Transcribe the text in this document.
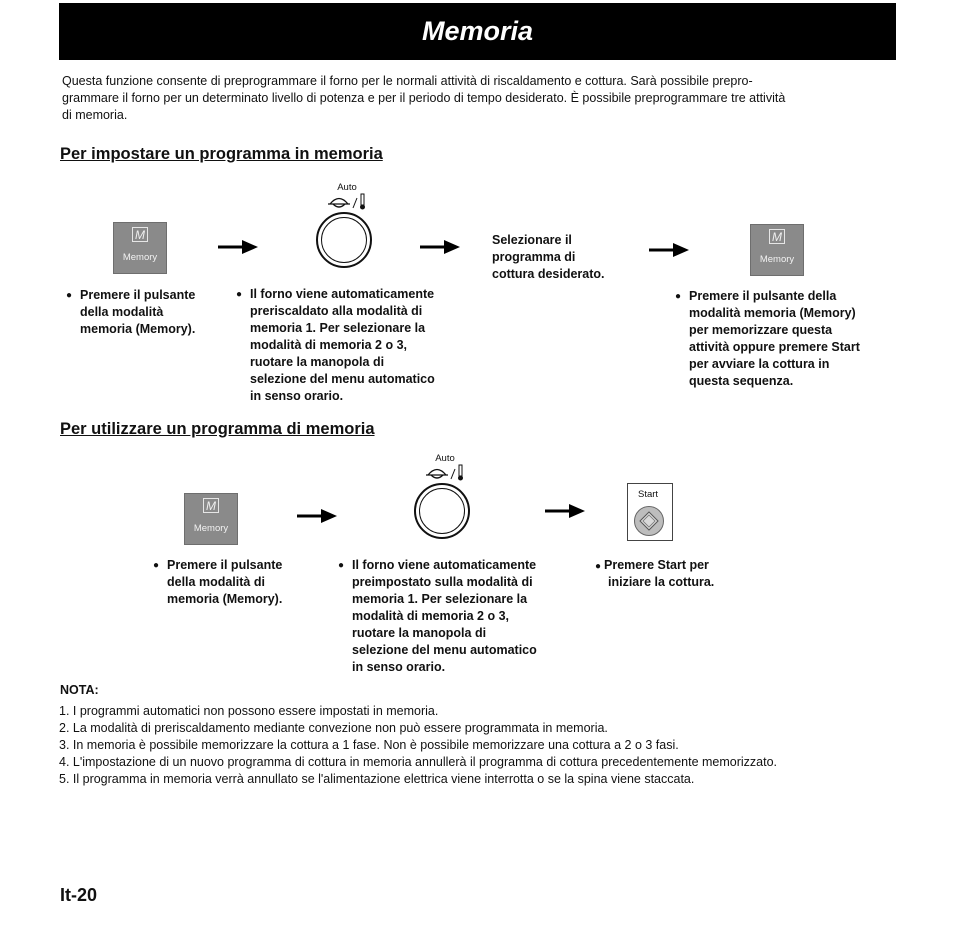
Memoria
Questa funzione consente di preprogrammare il forno per le normali attività di riscaldamento e cottura. Sarà possibile prepro-
grammare il forno per un determinato livello di potenza e per il periodo di tempo desiderato. È possibile preprogrammare tre attività
di memoria.
Per impostare un programma in memoria
M
Memory
Auto
Selezionare il
programma di
cottura desiderato.
M
Memory
● Premere il pulsante
della modalità
memoria (Memory).
● Il forno viene automaticamente
preriscaldato alla modalità di
memoria 1. Per selezionare la
modalità di memoria 2 o 3,
ruotare la manopola di
selezione del menu automatico
in senso orario.
● Premere il pulsante della
modalità memoria (Memory)
per memorizzare questa
attività oppure premere Start
per avviare la cottura in
questa sequenza.
Per utilizzare un programma di memoria
M
Memory
Auto
Start
● Premere il pulsante
della modalità di
memoria (Memory).
● Il forno viene automaticamente
preimpostato sulla modalità di
memoria 1. Per selezionare la
modalità di memoria 2 o 3,
ruotare la manopola di
selezione del menu automatico
in senso orario.
● Premere Start per
iniziare la cottura.
NOTA:
1. I programmi automatici non possono essere impostati in memoria.
2. La modalità di preriscaldamento mediante convezione non può essere programmata in memoria.
3. In memoria è possibile memorizzare la cottura a 1 fase. Non è possibile memorizzare una cottura a 2 o 3 fasi.
4. L'impostazione di un nuovo programma di cottura in memoria annullerà il programma di cottura precedentemente memorizzato.
5. Il programma in memoria verrà annullato se l'alimentazione elettrica viene interrotta o se la spina viene staccata.
It-20
